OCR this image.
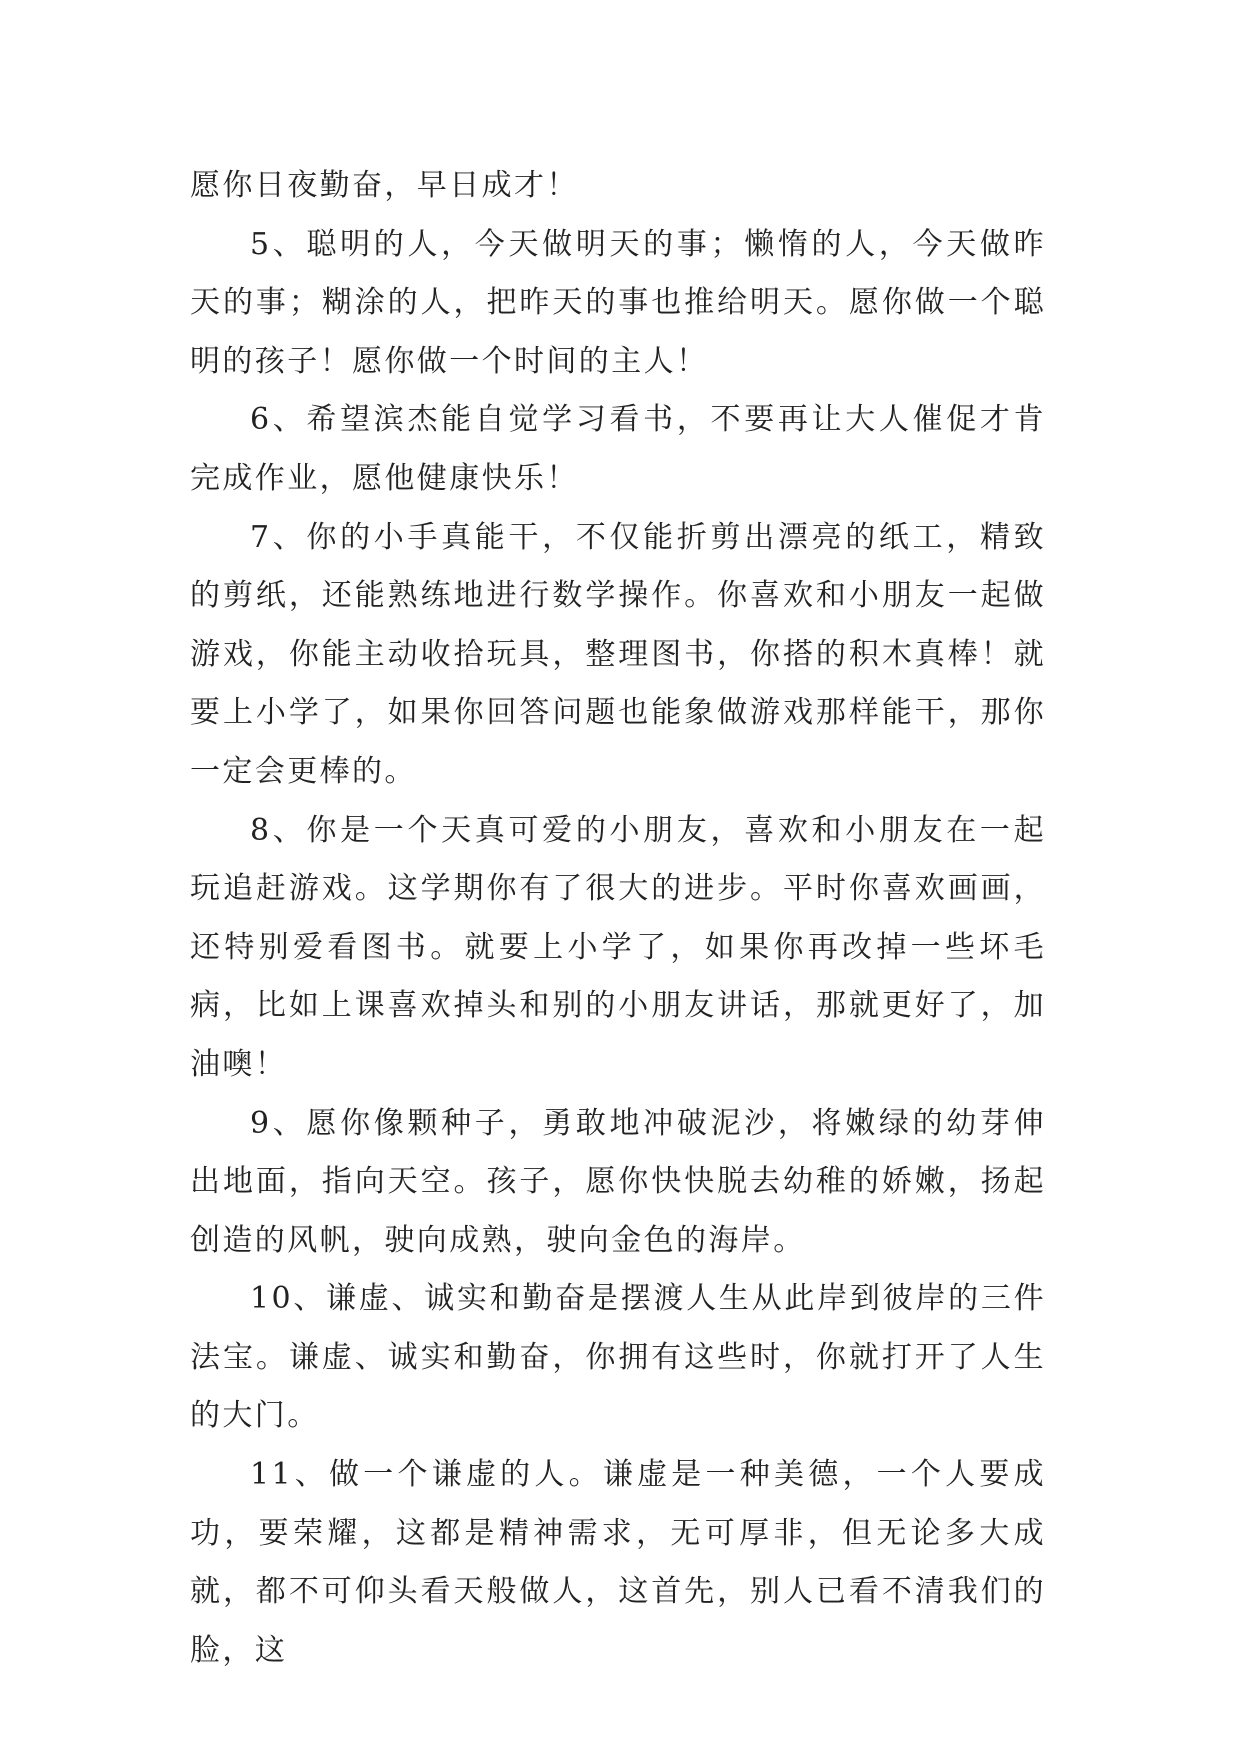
愿你日夜勤奋，早日成才！

5、聪明的人，今天做明天的事；懒惰的人，今天做昨天的事；糊涂的人，把昨天的事也推给明天。愿你做一个聪明的孩子！愿你做一个时间的主人！

6、希望滨杰能自觉学习看书，不要再让大人催促才肯完成作业，愿他健康快乐！

7、你的小手真能干，不仅能折剪出漂亮的纸工，精致的剪纸，还能熟练地进行数学操作。你喜欢和小朋友一起做游戏，你能主动收拾玩具，整理图书，你搭的积木真棒！就要上小学了，如果你回答问题也能象做游戏那样能干，那你一定会更棒的。

8、你是一个天真可爱的小朋友，喜欢和小朋友在一起玩追赶游戏。这学期你有了很大的进步。平时你喜欢画画，还特别爱看图书。就要上小学了，如果你再改掉一些坏毛病，比如上课喜欢掉头和别的小朋友讲话，那就更好了，加油噢！

9、愿你像颗种子，勇敢地冲破泥沙，将嫩绿的幼芽伸出地面，指向天空。孩子，愿你快快脱去幼稚的娇嫩，扬起创造的风帆，驶向成熟，驶向金色的海岸。

10、谦虚、诚实和勤奋是摆渡人生从此岸到彼岸的三件法宝。谦虚、诚实和勤奋，你拥有这些时，你就打开了人生的大门。

11、做一个谦虚的人。谦虚是一种美德，一个人要成功，要荣耀，这都是精神需求，无可厚非，但无论多大成就，都不可仰头看天般做人，这首先，别人已看不清我们的脸，这
